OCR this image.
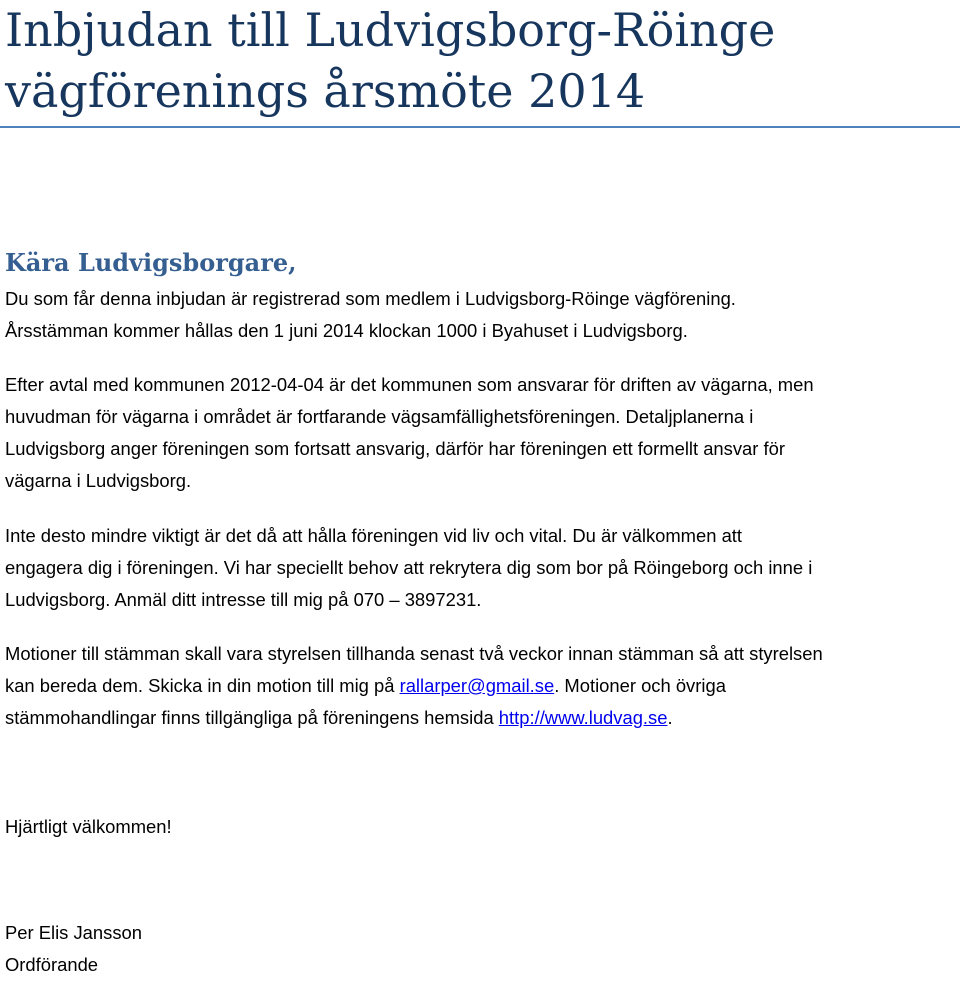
Inbjudan till Ludvigsborg-Röinge
vägförenings årsmöte 2014
Kära Ludvigsborgare,

Du som får denna inbjudan är registrerad som medlem i Ludvigsborg-Röinge vägförening.
Årsstämman kommer hållas den 1 juni 2014 klockan 1000 i Byahuset i Ludvigsborg.

Efter avtal med kommunen 2012-04-04 är det kommunen som ansvarar för driften av vägarna, men
huvudman för vägarna i området är fortfarande vägsamfällighetsföreningen. Detaljplanerna i
Ludvigsborg anger föreningen som fortsatt ansvarig, därför har föreningen ett formellt ansvar för
vägarna i Ludvigsborg.

Inte desto mindre viktigt är det då att hålla föreningen vid liv och vital. Du är välkommen att
engagera dig i föreningen. Vi har speciellt behov att rekrytera dig som bor på Röingeborg och inne i
Ludvigsborg. Anmäl ditt intresse till mig på 070 – 3897231.

Motioner till stämman skall vara styrelsen tillhanda senast två veckor innan stämman så att styrelsen
kan bereda dem. Skicka in din motion till mig på rallarper@gmail.se. Motioner och övriga
stämmohandlingar finns tillgängliga på föreningens hemsida http://www.ludvag.se.

Hjärtligt välkommen!

Per Elis Jansson
Ordförande
